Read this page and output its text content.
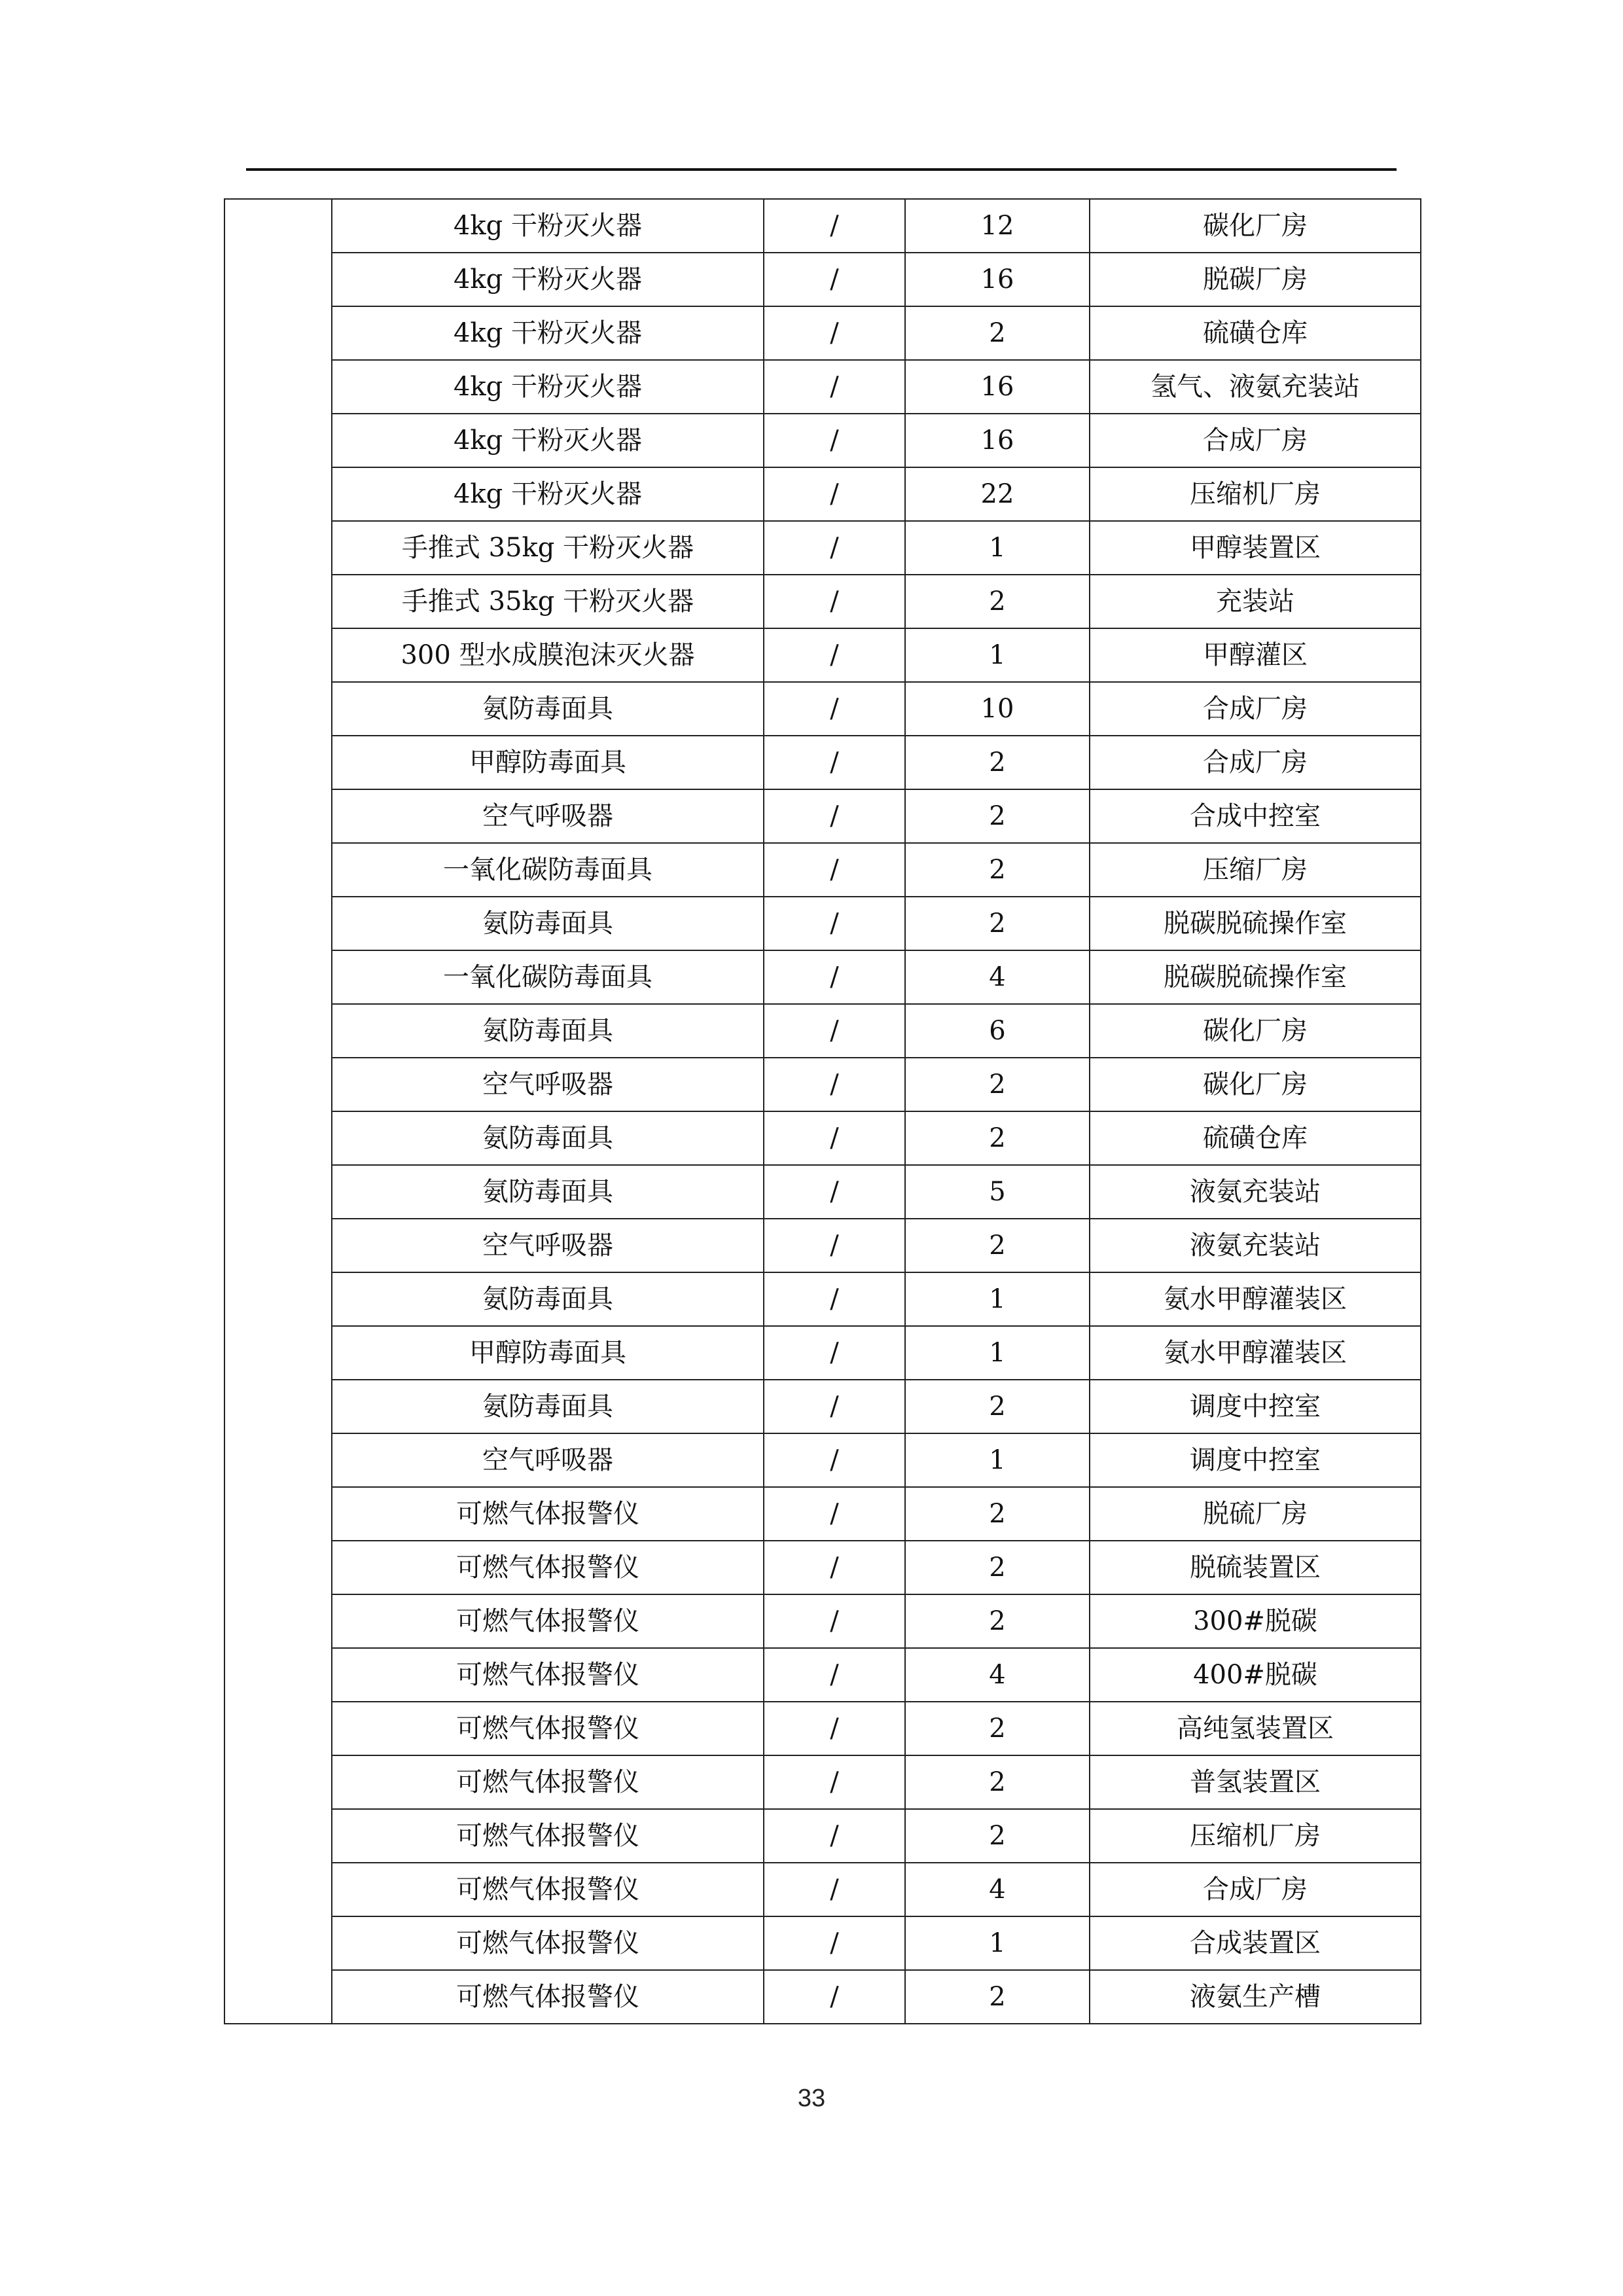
	4kg 干粉灭火器	/	12	碳化厂房
	4kg 干粉灭火器	/	16	脱碳厂房
	4kg 干粉灭火器	/	2	硫磺仓库
	4kg 干粉灭火器	/	16	氢气、液氨充装站
	4kg 干粉灭火器	/	16	合成厂房
	4kg 干粉灭火器	/	22	压缩机厂房
	手推式 35kg 干粉灭火器	/	1	甲醇装置区
	手推式 35kg 干粉灭火器	/	2	充装站
	300 型水成膜泡沫灭火器	/	1	甲醇灌区
	氨防毒面具	/	10	合成厂房
	甲醇防毒面具	/	2	合成厂房
	空气呼吸器	/	2	合成中控室
	一氧化碳防毒面具	/	2	压缩厂房
	氨防毒面具	/	2	脱碳脱硫操作室
	一氧化碳防毒面具	/	4	脱碳脱硫操作室
	氨防毒面具	/	6	碳化厂房
	空气呼吸器	/	2	碳化厂房
	氨防毒面具	/	2	硫磺仓库
	氨防毒面具	/	5	液氨充装站
	空气呼吸器	/	2	液氨充装站
	氨防毒面具	/	1	氨水甲醇灌装区
	甲醇防毒面具	/	1	氨水甲醇灌装区
	氨防毒面具	/	2	调度中控室
	空气呼吸器	/	1	调度中控室
	可燃气体报警仪	/	2	脱硫厂房
	可燃气体报警仪	/	2	脱硫装置区
	可燃气体报警仪	/	2	300#脱碳
	可燃气体报警仪	/	4	400#脱碳
	可燃气体报警仪	/	2	高纯氢装置区
	可燃气体报警仪	/	2	普氢装置区
	可燃气体报警仪	/	2	压缩机厂房
	可燃气体报警仪	/	4	合成厂房
	可燃气体报警仪	/	1	合成装置区
	可燃气体报警仪	/	2	液氨生产槽
33
